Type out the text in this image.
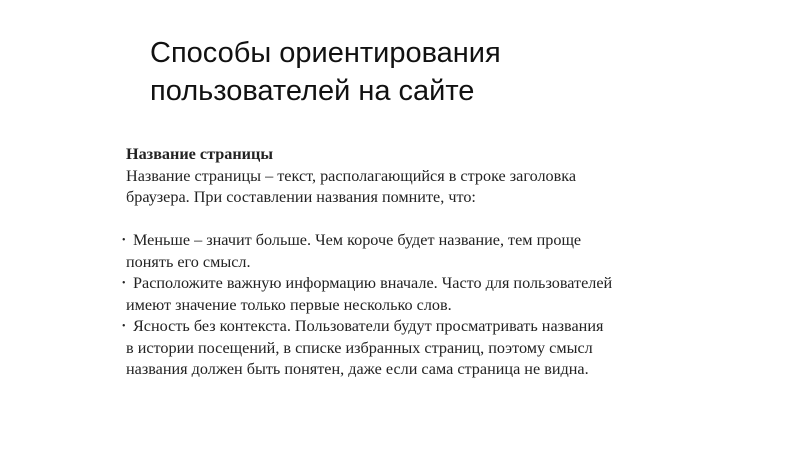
Способы ориентирования
пользователей на сайте
Название страницы
Название страницы – текст, располагающийся в строке заголовка
браузера. При составлении названия помните, что:
• Меньше – значит больше. Чем короче будет название, тем проще
понять его смысл.
• Расположите важную информацию вначале. Часто для пользователей
имеют значение только первые несколько слов.
• Ясность без контекста. Пользователи будут просматривать названия
в истории посещений, в списке избранных страниц, поэтому смысл
названия должен быть понятен, даже если сама страница не видна.
